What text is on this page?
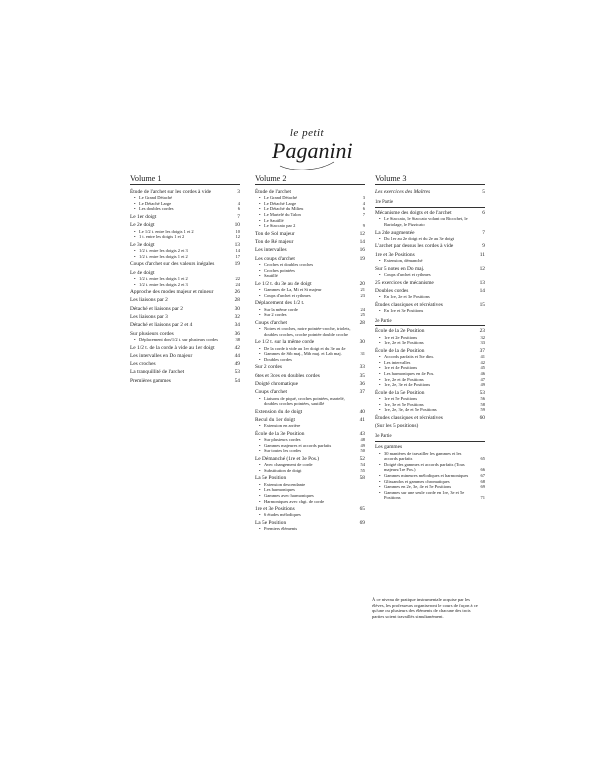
le petit
Paganini
Volume 1
Étude de l'archet sur les cordes à vide	3
• Le Grand Détaché
• Le Détaché Large	4
• Les doubles cordes	6
Le 1er doigt	7
Le 2e doigt	10
• Le 1/2 t. entre les doigts 1 et 2	10
• 1 t. entre les doigts 1 et 2	12
Le 3e doigt	13
• 1/2 t. entre les doigts 2 et 3	14
• 1/2 t. entre les doigts 1 et 2	17
Coups d'archet sur des valeurs inégales	19
Le 4e doigt
• 1/2 t. entre les doigts 1 et 2	22
• 1/2 t. entre les doigts 2 et 3	24
Approche des modes majeur et mineur	26
Les liaisons par 2	28
Détaché et liaisons par 2	30
Les liaisons par 3	32
Détaché et liaisons par 2 et 4	34
Sur plusieurs cordes	36
• Déplacement don/1/2 t. sur plusieurs cordes	38
Le 1/2 t. de la corde à vide au 1er doigt	42
Les intervalles en Do majeur	44
Les croches	49
La tranquillité de l'archet	53
Premières gammes	54
Volume 2
Étude de l'archet
• Le Grand Détaché	3
• Le Détaché Large	4
• Le Détaché du Milieu	6
• Le Martelé du Talon	7
• Le Sautillé
• Le Staccato par 2	9
Ton de Sol majeur	12
Ton de Ré majeur	14
Les intervalles	16
Les coups d'archet	19
• Croches et doubles croches
• Croches pointées
• Sautillé
Le 1/2 t. du 3e au 4e doigt	20
• Gammes de La, Mi et Si majeur	21
• Coups d'archet et rythmes	23
Déplacement des 1/2 t.
• Sur la même corde	24
• Sur 2 cordes	25
Coups d'archet	28
• Noires et croches, noire pointée-croche, triolets, doubles croches, croche pointée double croche
Le 1/2 t. sur la même corde	30
• De la corde à vide au 1er doigt et du 3e au 4e
• Gammes de Sib maj., Mib maj. et Lab maj.	31
• Doubles cordes
Sur 2 cordes	33
6tes et 3ces en doubles cordes	35
Doigté chromatique	36
Coups d'archet	37
• Liaisons de piqué, croches pointées, martelé, doubles croches pointées, sautillé
Extension du 4e doigt	40
Recul du 1er doigt	41
• Extension en arrière
École de la 3e Position	43
• Sur plusieurs cordes	48
• Gammes majeures et accords parfaits	49
• Sur toutes les cordes	50
Le Démanché (1re et 3e Pos.)	52
• Avec changement de corde	54
• Substitution de doigt	55
La 5e Position	58
• Extension descendante
• Les harmoniques
• Gammes avec harmoniques
• Harmoniques avec chgt. de corde
1re et 3e Positions	65
• 6 études mélodiques
La 5e Position	69
• Premiers éléments
Volume 3
Les exercices des Maîtres	5
1re Partie
Mécanisme des doigts et de l'archet	6
• Le Staccato, le Staccato volant ou Ricochet, le Bariolage, le Pizzicato
La 2de augmentée	7
• Du 1er au 2e doigt et du 2e au 3e doigt
L'archet par dessus les cordes à vide	9
1re et 3e Positions	11
• Extension, démanché
Sur 5 notes en Do maj.	12
• Coups d'archet et rythmes
25 exercices de mécanisme	13
Doubles cordes	14
• En 1re, 2e et 3e Positions
Études classiques et récréatives	15
• En 1re et 3e Positions
2e Partie
École de la 2e Position	23
• 1re et 2e Positions	32
• 1re, 2e et 3e Positions	33
École de la 4e Position	37
• Accords parfaits et 5te dim.	41
• Les intervalles	42
• 1re et 4e Positions	45
• Les harmoniques en 4e Pos.	46
• 1re, 2e et 4e Positions	47
• 1re, 2e, 3e et 4e Positions	49
École de la 5e Position	53
• 1re et 5e Positions	56
• 1re, 3e et 5e Positions	58
• 1re, 2e, 3e, 4e et 5e Positions	59
Études classiques et récréatives	60
(Sur les 5 positions)
3e Partie
Les gammes
• 30 manières de travailler les gammes et les accords parfaits	65
• Doigté des gammes et accords parfaits (Tous majeurs/1re Pos.)	66
• Gammes mineures mélodiques et harmoniques	67
• Glissandos et gammes chromatiques	68
• Gammes en 2e, 3e, 4e et 5e Positions	69
• Gammes sur une seule corde en 1re, 3e et 5e Positions	71
À ce niveau de pratique instrumentale acquise par les élèves, les professeurs organiseront le cours de façon à ce qu'une ou plusieurs des éléments de chacune des trois parties soient travaillés simultanément.
